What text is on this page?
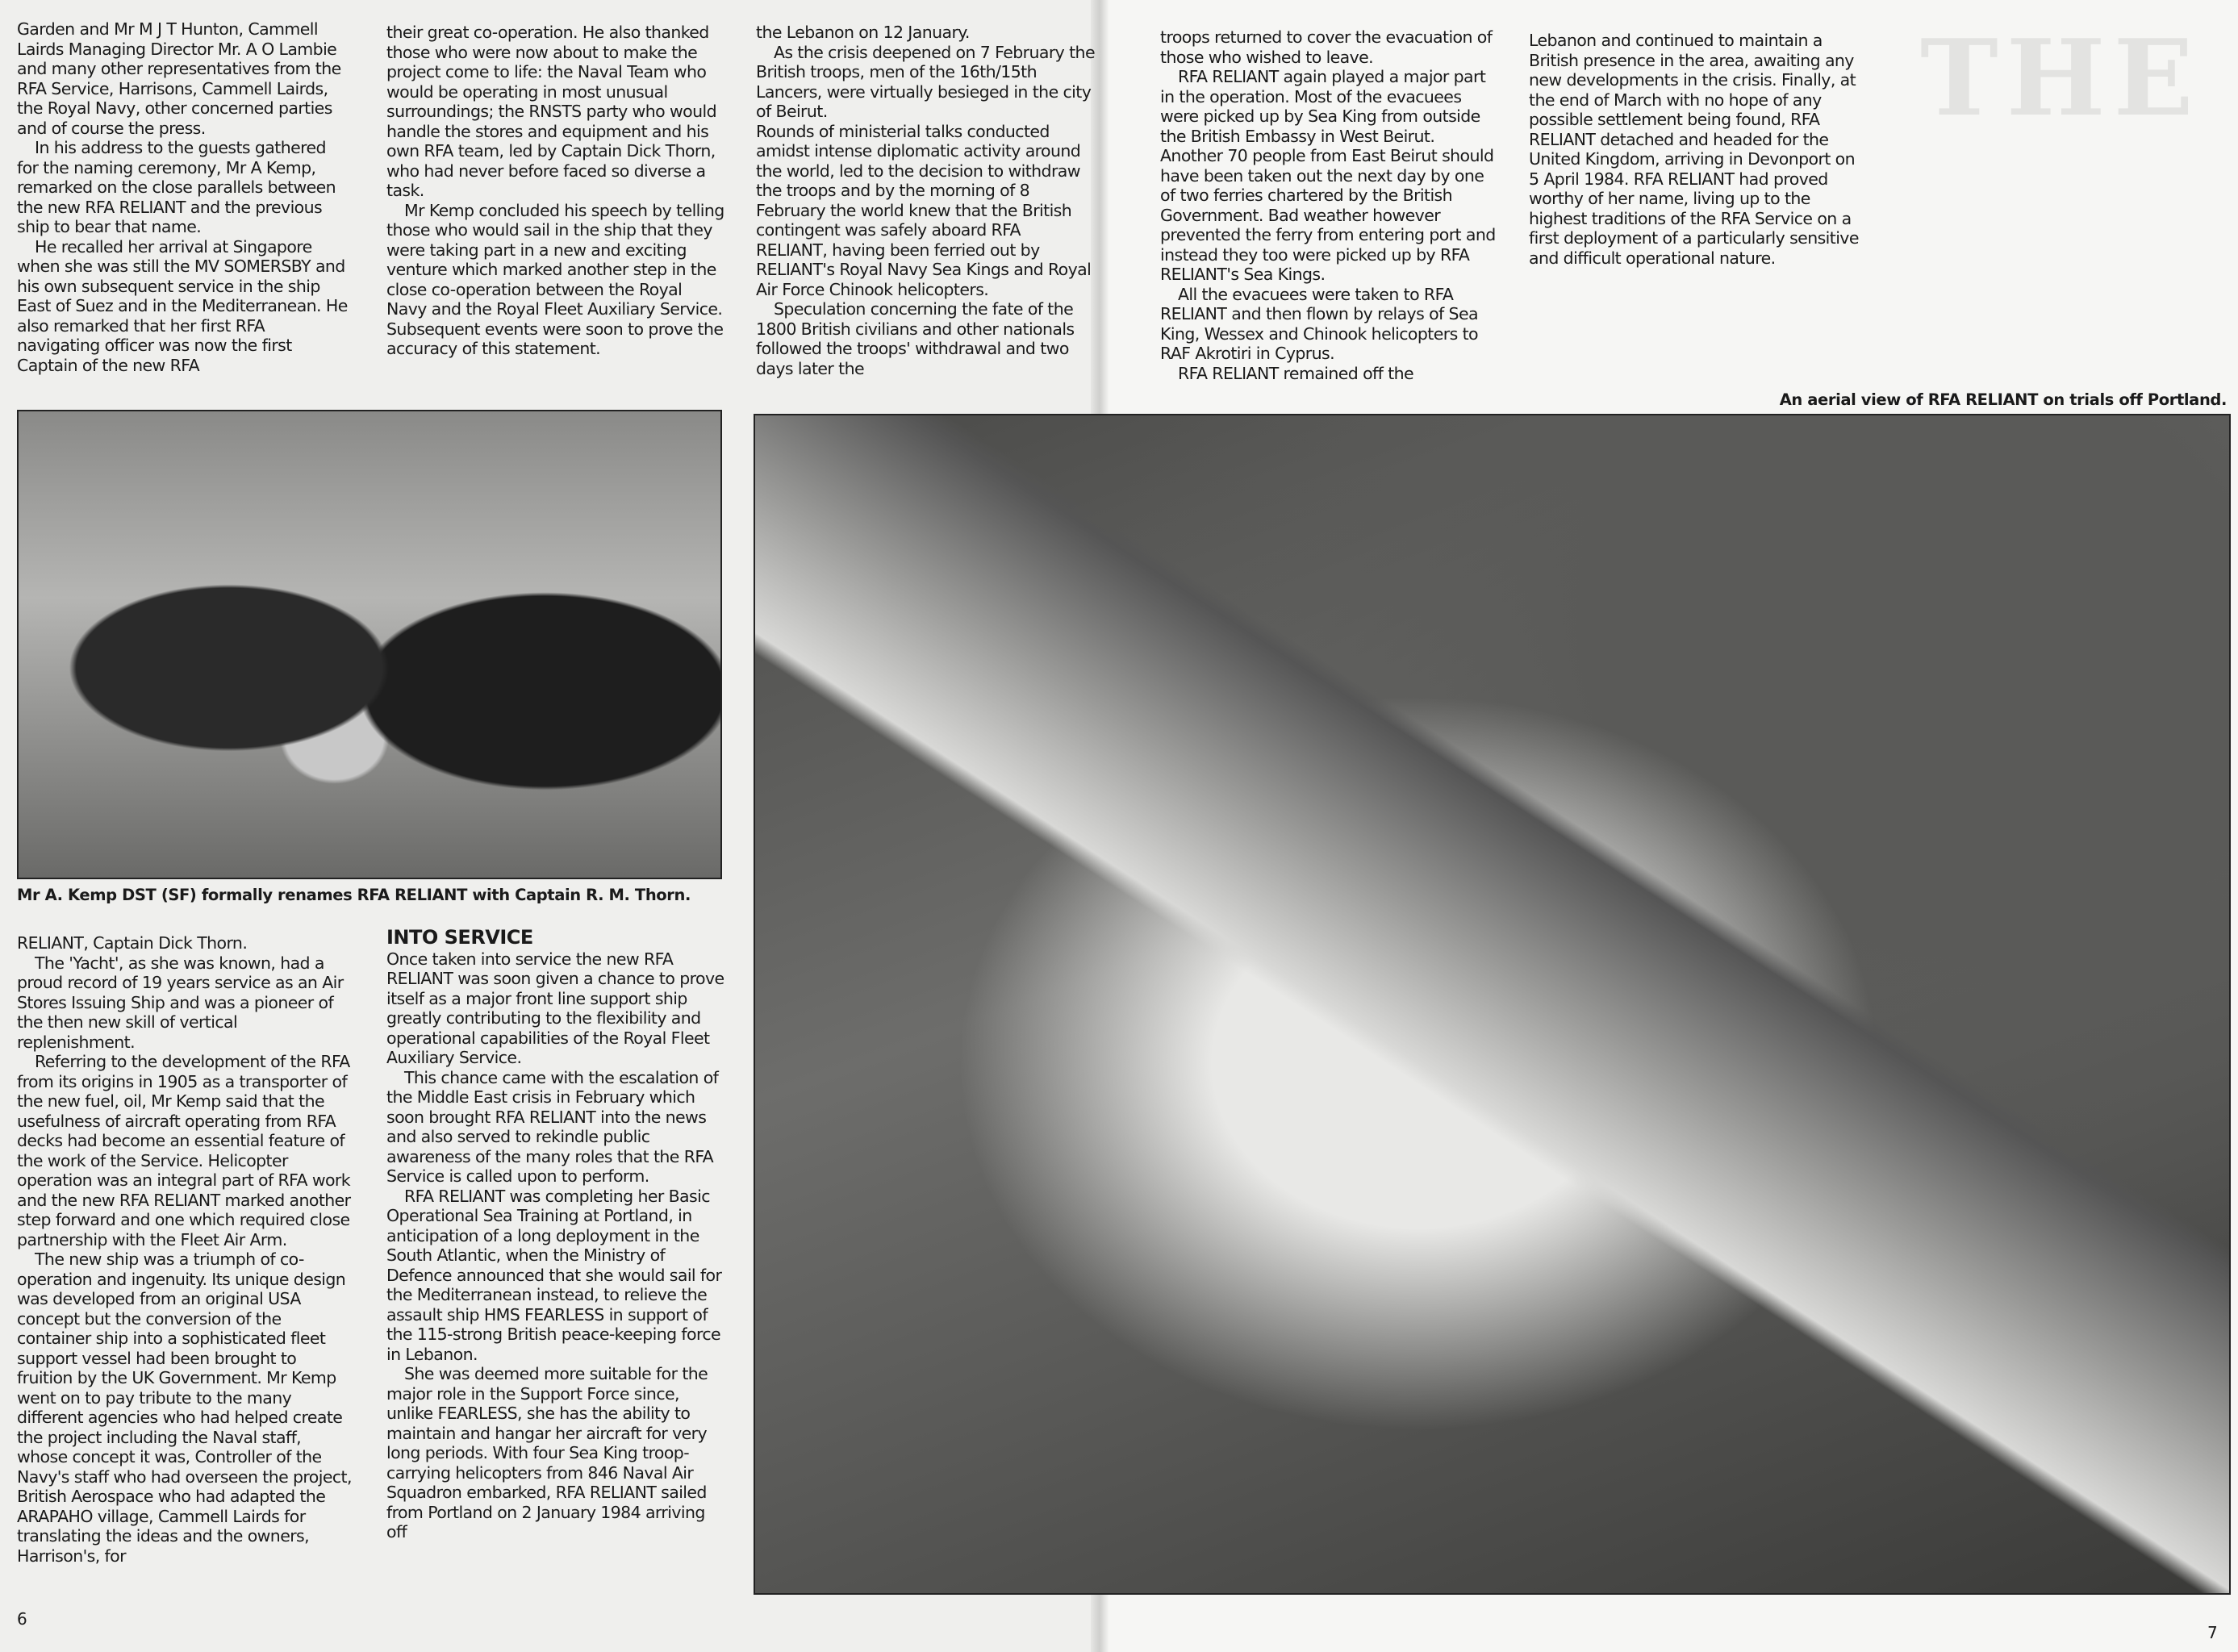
THE

Garden and Mr M J T Hunton, Cammell Lairds Managing Director Mr. A O Lambie and many other representatives from the RFA Service, Harrisons, Cammell Lairds, the Royal Navy, other concerned parties and of course the press.

In his address to the guests gathered for the naming ceremony, Mr A Kemp, remarked on the close parallels between the new RFA RELIANT and the previous ship to bear that name.

He recalled her arrival at Singapore when she was still the MV SOMERSBY and his own subsequent service in the ship East of Suez and in the Mediterranean. He also remarked that her first RFA navigating officer was now the first Captain of the new RFA

their great co-operation. He also thanked those who were now about to make the project come to life: the Naval Team who would be operating in most unusual surroundings; the RNSTS party who would handle the stores and equipment and his own RFA team, led by Captain Dick Thorn, who had never before faced so diverse a task.

Mr Kemp concluded his speech by telling those who would sail in the ship that they were taking part in a new and exciting venture which marked another step in the close co-operation between the Royal Navy and the Royal Fleet Auxiliary Service. Subsequent events were soon to prove the accuracy of this statement.

the Lebanon on 12 January.

As the crisis deepened on 7 February the British troops, men of the 16th/15th Lancers, were virtually besieged in the city of Beirut.

Rounds of ministerial talks conducted amidst intense diplomatic activity around the world, led to the decision to withdraw the troops and by the morning of 8 February the world knew that the British contingent was safely aboard RFA RELIANT, having been ferried out by RELIANT's Royal Navy Sea Kings and Royal Air Force Chinook helicopters.

Speculation concerning the fate of the 1800 British civilians and other nationals followed the troops' withdrawal and two days later the

Mr A. Kemp DST (SF) formally renames RFA RELIANT with Captain R. M. Thorn.

RELIANT, Captain Dick Thorn.

The 'Yacht', as she was known, had a proud record of 19 years service as an Air Stores Issuing Ship and was a pioneer of the then new skill of vertical replenishment.

Referring to the development of the RFA from its origins in 1905 as a transporter of the new fuel, oil, Mr Kemp said that the usefulness of aircraft operating from RFA decks had become an essential feature of the work of the Service. Helicopter operation was an integral part of RFA work and the new RFA RELIANT marked another step forward and one which required close partnership with the Fleet Air Arm.

The new ship was a triumph of co-operation and ingenuity. Its unique design was developed from an original USA concept but the conversion of the container ship into a sophisticated fleet support vessel had been brought to fruition by the UK Government. Mr Kemp went on to pay tribute to the many different agencies who had helped create the project including the Naval staff, whose concept it was, Controller of the Navy's staff who had overseen the project, British Aerospace who had adapted the ARAPAHO village, Cammell Lairds for translating the ideas and the owners, Harrison's, for

INTO SERVICE

Once taken into service the new RFA RELIANT was soon given a chance to prove itself as a major front line support ship greatly contributing to the flexibility and operational capabilities of the Royal Fleet Auxiliary Service.

This chance came with the escalation of the Middle East crisis in February which soon brought RFA RELIANT into the news and also served to rekindle public awareness of the many roles that the RFA Service is called upon to perform.

RFA RELIANT was completing her Basic Operational Sea Training at Portland, in anticipation of a long deployment in the South Atlantic, when the Ministry of Defence announced that she would sail for the Mediterranean instead, to relieve the assault ship HMS FEARLESS in support of the 115-strong British peace-keeping force in Lebanon.

She was deemed more suitable for the major role in the Support Force since, unlike FEARLESS, she has the ability to maintain and hangar her aircraft for very long periods. With four Sea King troop-carrying helicopters from 846 Naval Air Squadron embarked, RFA RELIANT sailed from Portland on 2 January 1984 arriving off

troops returned to cover the evacuation of those who wished to leave.

RFA RELIANT again played a major part in the operation. Most of the evacuees were picked up by Sea King from outside the British Embassy in West Beirut. Another 70 people from East Beirut should have been taken out the next day by one of two ferries chartered by the British Government. Bad weather however prevented the ferry from entering port and instead they too were picked up by RFA RELIANT's Sea Kings.

All the evacuees were taken to RFA RELIANT and then flown by relays of Sea King, Wessex and Chinook helicopters to RAF Akrotiri in Cyprus.

RFA RELIANT remained off the

Lebanon and continued to maintain a British presence in the area, awaiting any new developments in the crisis. Finally, at the end of March with no hope of any possible settlement being found, RFA RELIANT detached and headed for the United Kingdom, arriving in Devonport on 5 April 1984. RFA RELIANT had proved worthy of her name, living up to the highest traditions of the RFA Service on a first deployment of a particularly sensitive and difficult operational nature.

An aerial view of RFA RELIANT on trials off Portland.
6
7
